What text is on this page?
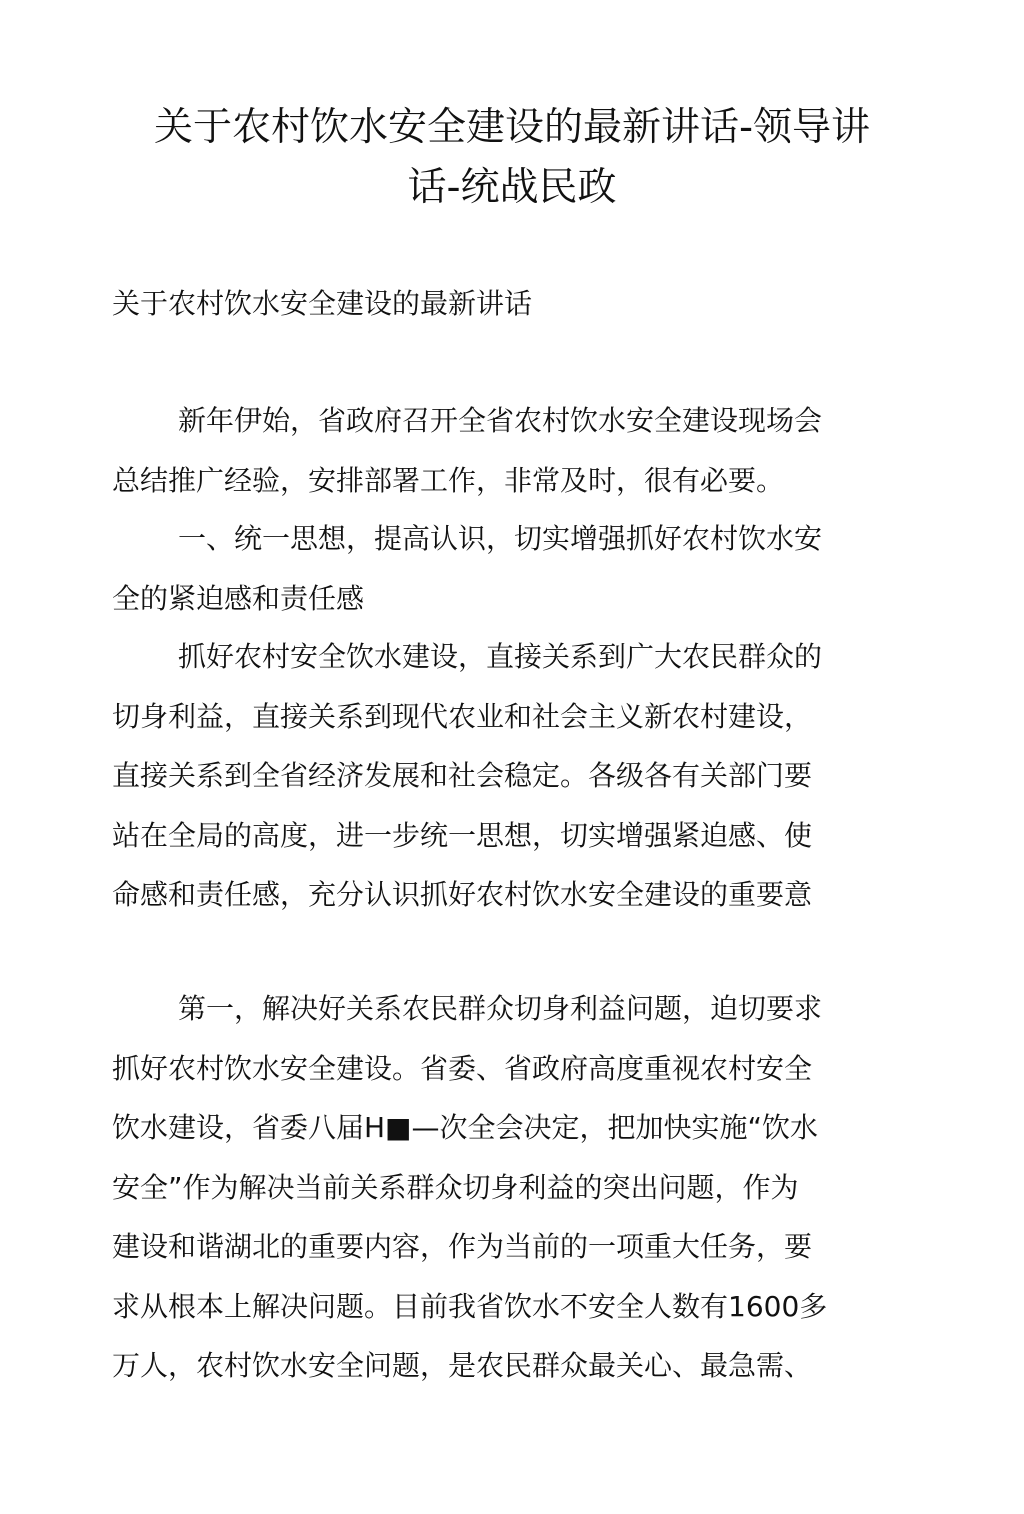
关于农村饮水安全建设的最新讲话-领导讲
话-统战民政

关于农村饮水安全建设的最新讲话

新年伊始，省政府召开全省农村饮水安全建设现场会
总结推广经验，安排部署工作，非常及时，很有必要。

一、统一思想，提高认识，切实增强抓好农村饮水安
全的紧迫感和责任感

抓好农村安全饮水建设，直接关系到广大农民群众的
切身利益，直接关系到现代农业和社会主义新农村建设，
直接关系到全省经济发展和社会稳定。各级各有关部门要
站在全局的高度，进一步统一思想，切实增强紧迫感、使
命感和责任感，充分认识抓好农村饮水安全建设的重要意

第一，解决好关系农民群众切身利益问题，迫切要求
抓好农村饮水安全建设。省委、省政府高度重视农村安全
饮水建设，省委八届H■—次全会决定，把加快实施“饮水
安全”作为解决当前关系群众切身利益的突出问题，作为
建设和谐湖北的重要内容，作为当前的一项重大任务，要
求从根本上解决问题。目前我省饮水不安全人数有1600多
万人，农村饮水安全问题，是农民群众最关心、最急需、
